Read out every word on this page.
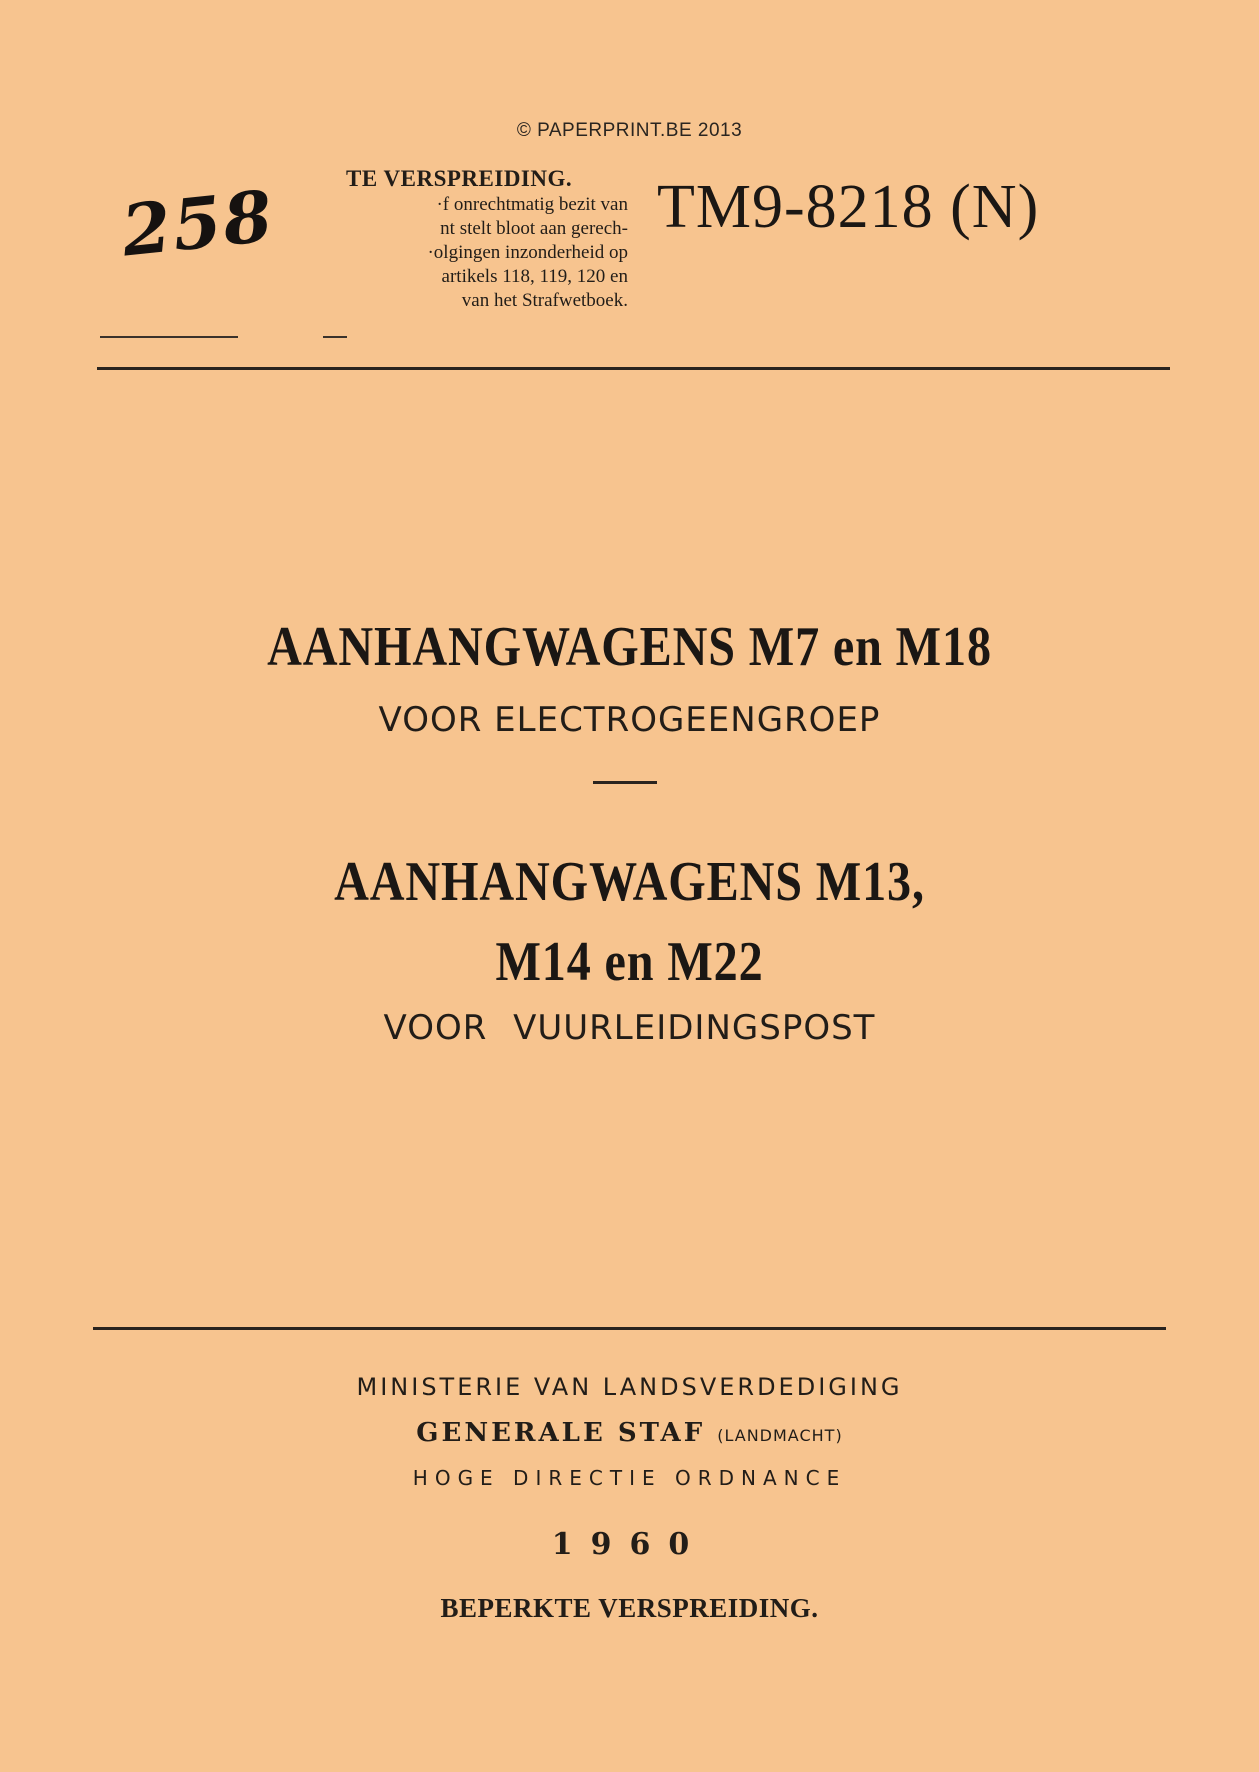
© PAPERPRINT.BE 2013
258	TE VERSPREIDING.
·f onrechtmatig bezit van
nt stelt bloot aan gerech-
·olgingen inzonderheid op
artikels 118, 119, 120 en
van het Strafwetboek.
TM9-8218 (N)
AANHANGWAGENS M7 en M18
VOOR ELECTROGEENGROEP
AANHANGWAGENS M13,
M14 en M22
VOOR VUURLEIDINGSPOST
MINISTERIE VAN LANDSVERDEDIGING
GENERALE STAF (LANDMACHT)
HOGE DIRECTIE ORDNANCE
1960
BEPERKTE VERSPREIDING.
